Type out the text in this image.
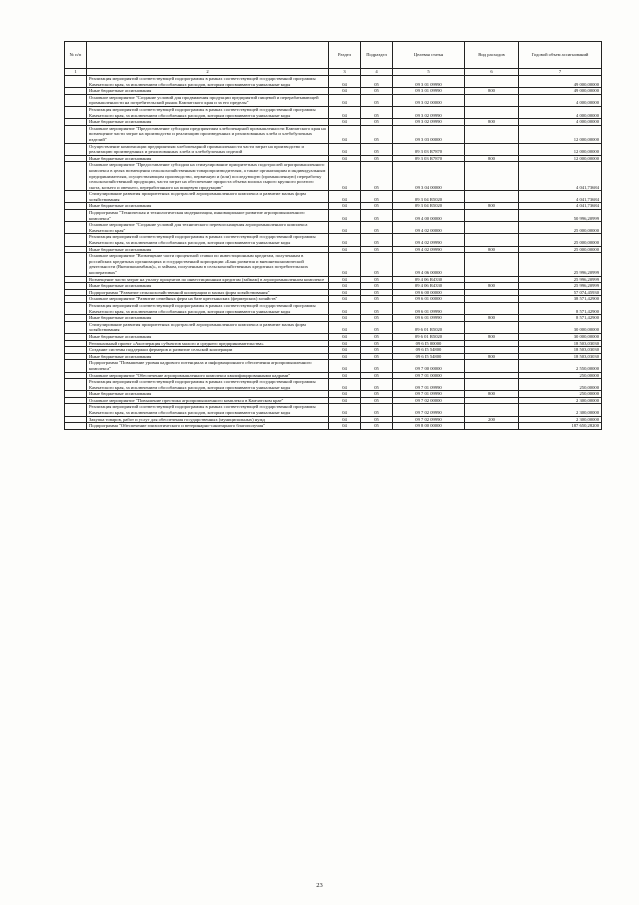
№ п/п		Раздел	Подраздел	Целевая статья	Вид расходов	Годовой объем ассигнований
1	2	3	4	5	6	7
	Реализация мероприятий соответствующей подпрограммы в рамках соответствующей государственной программы Камчатского края, за исключением обособленных расходов, которым присваиваются уникальные коды	04	05	09 3 01 09990		49 000,00000
	Иные бюджетные ассигнования	04	05	09 3 01 09990	800	49 000,00000
	Основное мероприятие "Создание условий для продвижения продукции предприятий пищевой и перерабатывающей промышленности на потребительский рынок Камчатского края и за его пределы"	04	05	09 3 02 00000		4 000,00000
	Реализация мероприятий соответствующей подпрограммы в рамках соответствующей государственной программы Камчатского края, за исключением обособленных расходов, которым присваиваются уникальные коды	04	05	09 3 02 09990		4 000,00000
	Иные бюджетные ассигнования	04	05	09 3 02 09990	800	4 000,00000
	Основное мероприятие "Предоставление субсидии предприятиям хлебопекарной промышленности Камчатского края на возмещение части затрат на производство и реализацию произведенных и реализованных хлеба и хлебобулочных изделий"	04	05	09 3 03 00000		12 000,00000
	Осуществление компенсации предприятиям хлебопекарной промышленности части затрат на производство и реализацию произведенных и реализованных хлеба и хлебобулочных изделий	04	05	09 3 03 R7870		12 000,00000
	Иные бюджетные ассигнования	04	05	09 3 03 R7870	800	12 000,00000
	Основное мероприятие "Предоставление субсидии на стимулирование приоритетных подотраслей агропромышленного комплекса в целях возмещения сельскохозяйственным товаропроизводителям, а также организациям и индивидуальным предпринимателям, осуществляющим производство, первичную и (или) последующую (промышленную) переработку сельскохозяйственной продукции, части затрат на обеспечение прироста объема молока сырого крупного рогатого скота, козьего и овечьего, переработанного на пищевую продукцию"	04	05	09 3 04 00000		4 041,73684
	Стимулирование развития приоритетных подотраслей агропромышленного комплекса и развитие малых форм хозяйствования	04	05	09 3 04 R5020		4 041,73684
	Иные бюджетные ассигнования	04	05	09 3 04 R5020	800	4 041,73684
	Подпрограмма "Техническая и технологическая модернизация, инновационное развитие агропромышленного комплекса"	04	05	09 4 00 00000		50 996,20999
	Основное мероприятие "Создание условий для технического перевооснащения агропромышленного комплекса Камчатского края"	04	05	09 4 02 00000		25 000,00000
	Реализация мероприятий соответствующей подпрограммы в рамках соответствующей государственной программы Камчатского края, за исключением обособленных расходов, которым присваиваются уникальные коды	04	05	09 4 02 09990		25 000,00000
	Иные бюджетные ассигнования	04	05	09 4 02 09990	800	25 000,00000
	Основное мероприятие "Возмещение части процентной ставки по инвестиционным кредитам, полученным в российских кредитных организациях и государственной корпорации «Банк развития и внешнеэкономической деятельности (Внешэкономбанк)», и займам, полученным в сельскохозяйственных кредитных потребительских кооперативах"	04	05	09 4 06 00000		25 996,20999
	Возмещение части затрат на уплату процентов по инвестиционным кредитам (займам) в агропромышленном комплексе	04	05	09 4 06 R4330		25 996,20999
	Иные бюджетные ассигнования	04	05	09 4 06 R4330	800	25 996,20999
	Подпрограмма "Развитие сельскохозяйственной кооперации и малых форм хозяйствования"	04	05	09 6 00 00000		57 074,45930
	Основное мероприятие "Развитие семейных ферм на базе крестьянских (фермерских) хозяйств"	04	05	09 6 01 00000		38 571,42900
	Реализация мероприятий соответствующей подпрограммы в рамках соответствующей государственной программы Камчатского края, за исключением обособленных расходов, которым присваиваются уникальные коды	04	05	09 6 01 09990		8 571,42900
	Иные бюджетные ассигнования	04	05	09 6 01 09990	800	8 571,42900
	Стимулирование развития приоритетных подотраслей агропромышленного комплекса и развитие малых форм хозяйствования	04	05	09 6 01 R5020		30 000,00000
	Иные бюджетные ассигнования	04	05	09 6 01 R5020	800	30 000,00000
	Региональный проект «Акселерация субъектов малого и среднего предпринимательства»	04	05	09 6 I5 00000		18 503,03030
	Создание системы поддержки фермеров и развитие сельской кооперации	04	05	09 6 I5 54800		18 503,03030
	Иные бюджетные ассигнования	04	05	09 6 I5 54800	800	18 503,03030
	Подпрограмма "Повышение уровня кадрового потенциала и информационного обеспечения агропромышленного комплекса"	04	05	09 7 00 00000		2 550,00000
	Основное мероприятие "Обеспечение агропромышленного комплекса квалифицированными кадрами"	04	05	09 7 01 00000		250,00000
	Реализация мероприятий соответствующей подпрограммы в рамках соответствующей государственной программы Камчатского края, за исключением обособленных расходов, которым присваиваются уникальные коды	04	05	09 7 01 09990		250,00000
	Иные бюджетные ассигнования	04	05	09 7 01 09990	800	250,00000
	Основное мероприятие "Повышение престижа агропромышленного комплекса в Камчатском крае"	04	05	09 7 02 00000		2 300,00000
	Реализация мероприятий соответствующей подпрограммы в рамках соответствующей государственной программы Камчатского края, за исключением обособленных расходов, которым присваиваются уникальные коды	04	05	09 7 02 09990		2 300,00000
	Закупка товаров, работ и услуг для обеспечения государственных (муниципальных) нужд	04	05	09 7 02 09990	200	2 300,00000
	Подпрограмма "Обеспечение эпизоотического и ветеринарно-санитарного благополучия"	04	05	09 8 00 00000		187 650,28200
23
